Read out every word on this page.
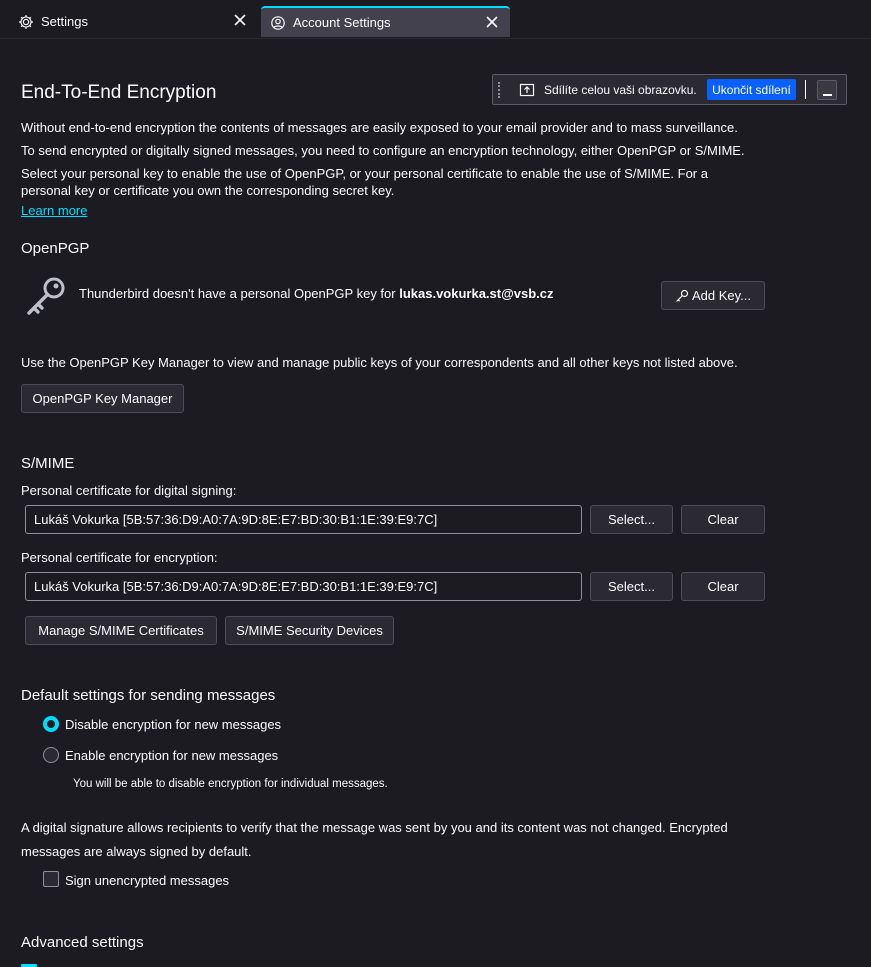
Settings	Account Settings
Sdílíte celou vaši obrazovku.	Ukončit sdílení
End-To-End Encryption
Without end-to-end encryption the contents of messages are easily exposed to your email provider and to mass surveillance.
To send encrypted or digitally signed messages, you need to configure an encryption technology, either OpenPGP or S/MIME.
Select your personal key to enable the use of OpenPGP, or your personal certificate to enable the use of S/MIME. For a
personal key or certificate you own the corresponding secret key.
Learn more
OpenPGP
Thunderbird doesn't have a personal OpenPGP key for lukas.vokurka.st@vsb.cz	Add Key...
Use the OpenPGP Key Manager to view and manage public keys of your correspondents and all other keys not listed above.
OpenPGP Key Manager
S/MIME
Personal certificate for digital signing:
Lukáš Vokurka [5B:57:36:D9:A0:7A:9D:8E:E7:BD:30:B1:1E:39:E9:7C]	Select...	Clear
Personal certificate for encryption:
Lukáš Vokurka [5B:57:36:D9:A0:7A:9D:8E:E7:BD:30:B1:1E:39:E9:7C]	Select...	Clear
Manage S/MIME Certificates	S/MIME Security Devices
Default settings for sending messages
Disable encryption for new messages
Enable encryption for new messages
You will be able to disable encryption for individual messages.
A digital signature allows recipients to verify that the message was sent by you and its content was not changed. Encrypted
messages are always signed by default.
Sign unencrypted messages
Advanced settings
